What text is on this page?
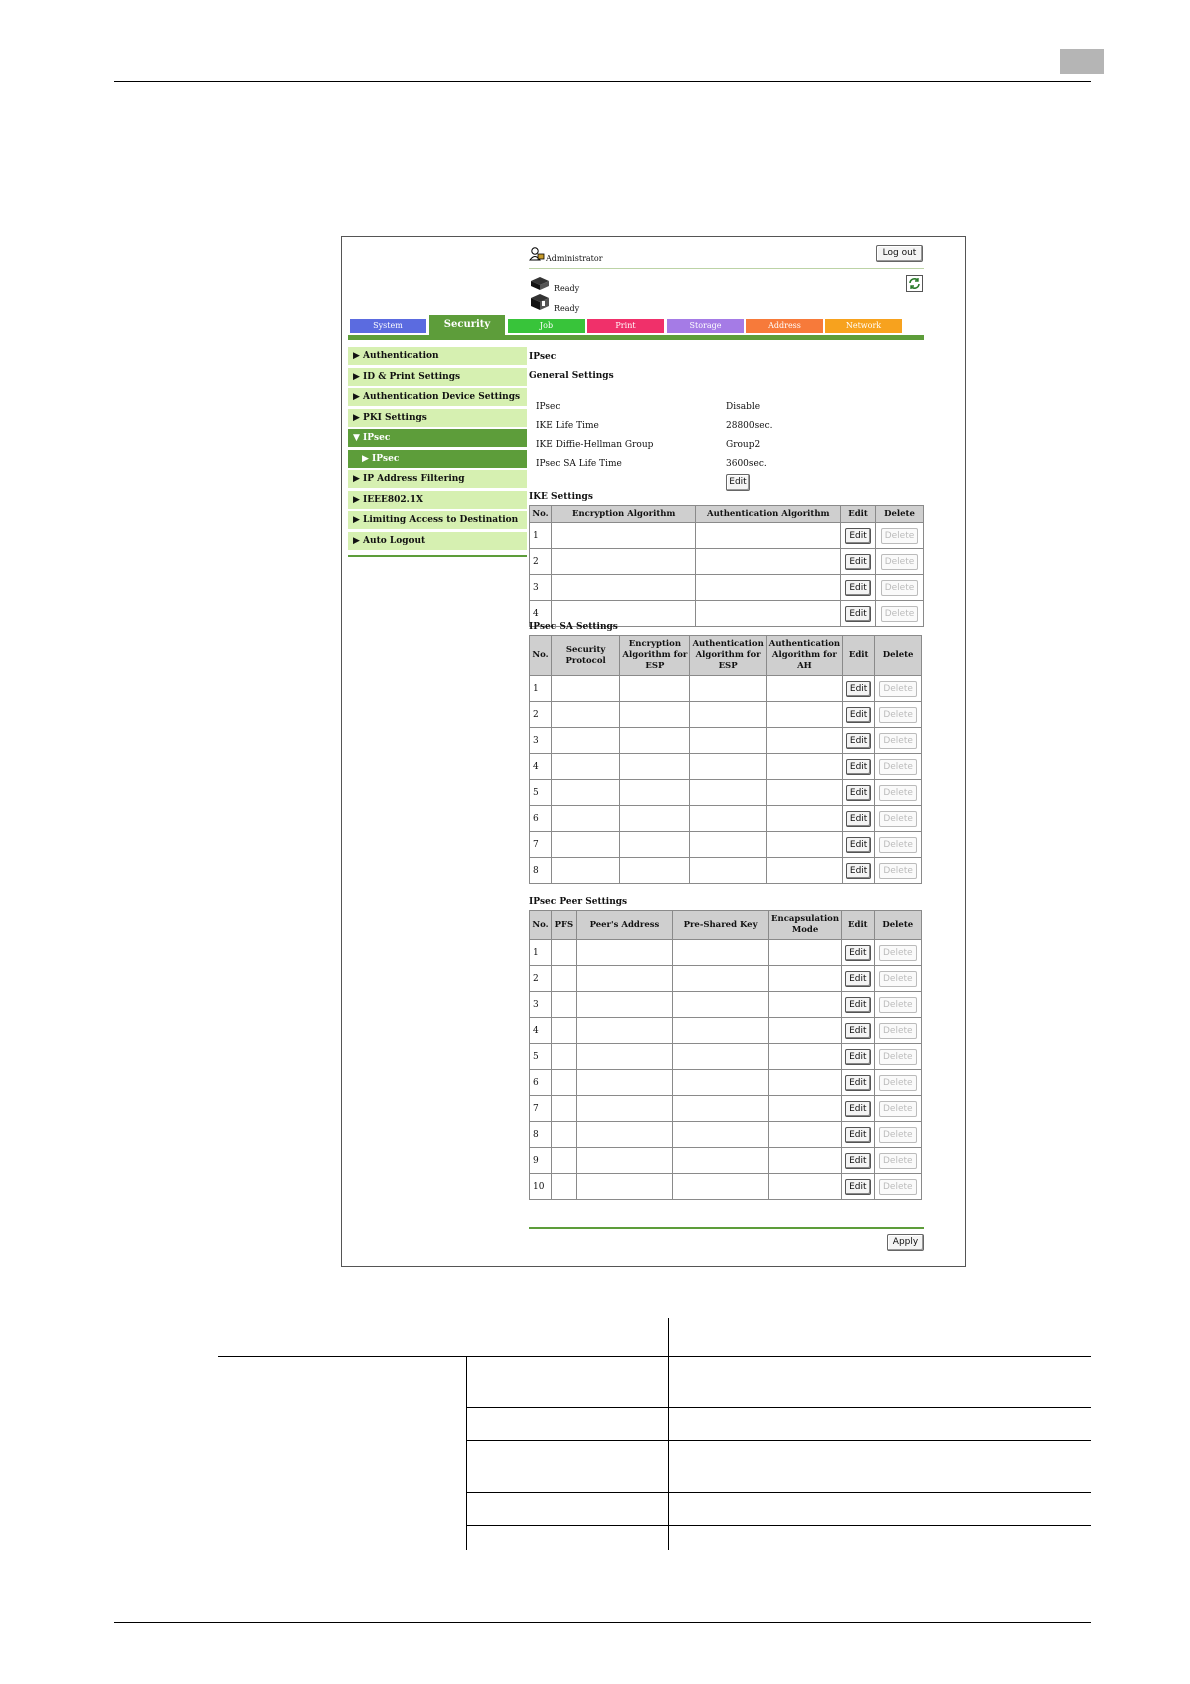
Administrator
Log out
Ready
Ready
System	Security	Job	Print	Storage	Address	Network
▶ Authentication
▶ ID & Print Settings
▶ Authentication Device Settings
▶ PKI Settings
▼ IPsec
▶ IPsec
▶ IP Address Filtering
▶ IEEE802.1X
▶ Limiting Access to Destination
▶ Auto Logout
IPsec
General Settings
IPsec	Disable
IKE Life Time	28800sec.
IKE Diffie-Hellman Group	Group2
IPsec SA Life Time	3600sec.
Edit
IKE Settings
No.	Encryption Algorithm	Authentication Algorithm	Edit	Delete
1			Edit	Delete
2			Edit	Delete
3			Edit	Delete
4			Edit	Delete
IPsec SA Settings
No.	Security Protocol	Encryption Algorithm for ESP	Authentication Algorithm for ESP	Authentication Algorithm for AH	Edit	Delete
1					Edit	Delete
2					Edit	Delete
3					Edit	Delete
4					Edit	Delete
5					Edit	Delete
6					Edit	Delete
7					Edit	Delete
8					Edit	Delete
IPsec Peer Settings
No.	PFS	Peer's Address	Pre-Shared Key	Encapsulation Mode	Edit	Delete
1					Edit	Delete
2					Edit	Delete
3					Edit	Delete
4					Edit	Delete
5					Edit	Delete
6					Edit	Delete
7					Edit	Delete
8					Edit	Delete
9					Edit	Delete
10					Edit	Delete
Apply
